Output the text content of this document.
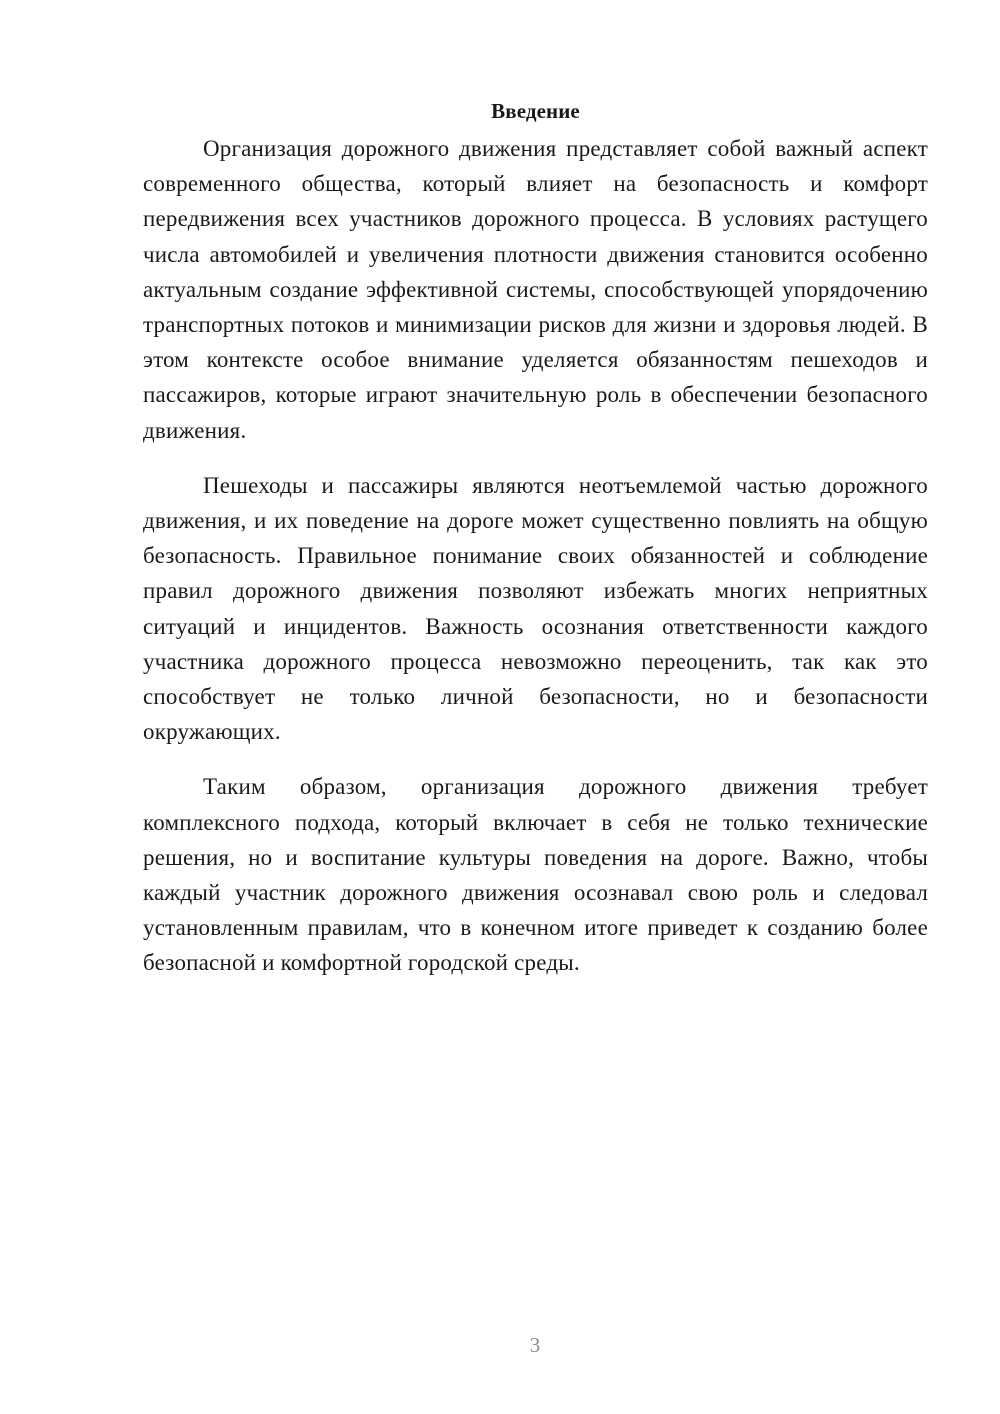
Введение

Организация дорожного движения представляет собой важный аспект современного общества, который влияет на безопасность и комфорт передвижения всех участников дорожного процесса. В условиях растущего числа автомобилей и увеличения плотности движения становится особенно актуальным создание эффективной системы, способствующей упорядочению транспортных потоков и минимизации рисков для жизни и здоровья людей. В этом контексте особое внимание уделяется обязанностям пешеходов и пассажиров, которые играют значительную роль в обеспечении безопасного движения.

Пешеходы и пассажиры являются неотъемлемой частью дорожного движения, и их поведение на дороге может существенно повлиять на общую безопасность. Правильное понимание своих обязанностей и соблюдение правил дорожного движения позволяют избежать многих неприятных ситуаций и инцидентов. Важность осознания ответственности каждого участника дорожного процесса невозможно переоценить, так как это способствует не только личной безопасности, но и безопасности окружающих.

Таким образом, организация дорожного движения требует комплексного подхода, который включает в себя не только технические решения, но и воспитание культуры поведения на дороге. Важно, чтобы каждый участник дорожного движения осознавал свою роль и следовал установленным правилам, что в конечном итоге приведет к созданию более безопасной и комфортной городской среды.

3
